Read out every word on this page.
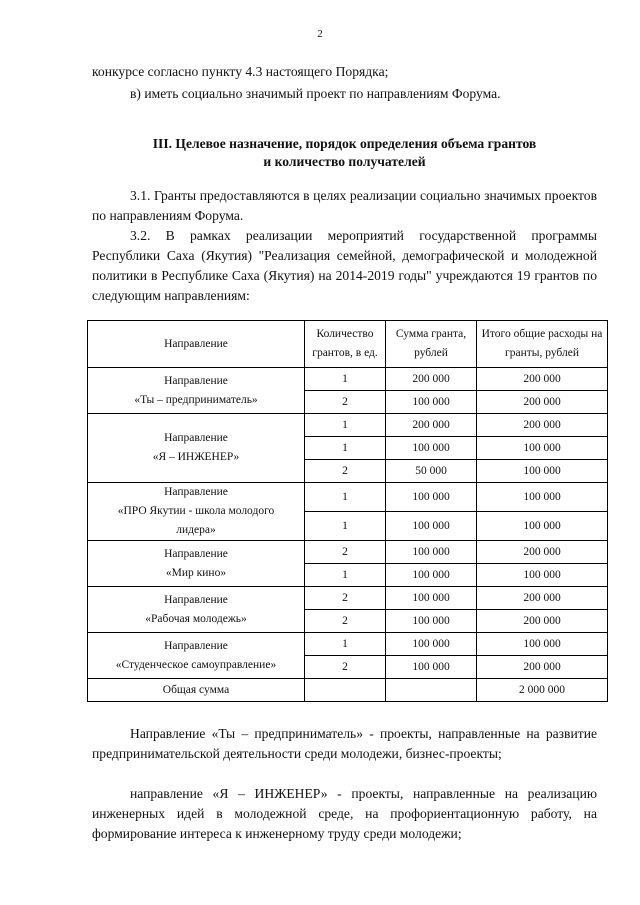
2

конкурсе согласно пункту 4.3 настоящего Порядка;

в) иметь социально значимый проект по направлениям Форума.

III. Целевое назначение, порядок определения объема грантов
и количество получателей

3.1. Гранты предоставляются в целях реализации социально значимых проектов по направлениям Форума.

3.2. В рамках реализации мероприятий государственной программы Республики Саха (Якутия) "Реализация семейной, демографической и молодежной политики в Республике Саха (Якутия) на 2014-2019 годы" учреждаются 19 грантов по следующим направлениям:

Направление	Количество грантов, в ед.	Сумма гранта, рублей	Итого общие расходы на гранты, рублей

Направление
«Ты – предприниматель»	1	200 000	200 000
	2	100 000	200 000

Направление
«Я – ИНЖЕНЕР»	1	200 000	200 000
	1	100 000	100 000
	2	50 000	100 000

Направление
«ПРО Якутии - школа молодого лидера»	1	100 000	100 000
	1	100 000	100 000

Направление
«Мир кино»	2	100 000	200 000
	1	100 000	100 000

Направление
«Рабочая молодежь»	2	100 000	200 000
	2	100 000	200 000

Направление
«Студенческое самоуправление»	1	100 000	100 000
	2	100 000	200 000
Общая сумма			2 000 000

Направление «Ты – предприниматель» - проекты, направленные на развитие предпринимательской деятельности среди молодежи, бизнес-проекты;

направление «Я – ИНЖЕНЕР» - проекты, направленные на реализацию инженерных идей в молодежной среде, на профориентационную работу, на формирование интереса к инженерному труду среди молодежи;
